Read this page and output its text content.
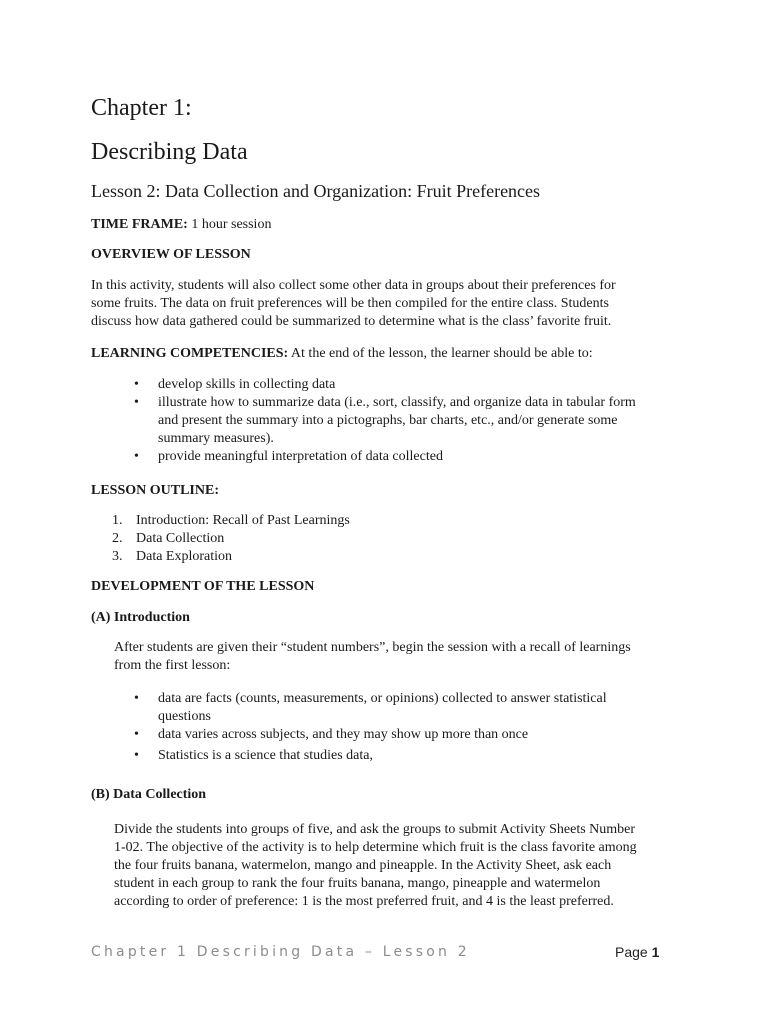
Chapter 1:
Describing Data
Lesson 2: Data Collection and Organization: Fruit Preferences
TIME FRAME: 1 hour session
OVERVIEW OF LESSON
In this activity, students will also collect some other data in groups about their preferences for
some fruits. The data on fruit preferences will be then compiled for the entire class. Students
discuss how data gathered could be summarized to determine what is the class’ favorite fruit.
LEARNING COMPETENCIES: At the end of the lesson, the learner should be able to:
• develop skills in collecting data
• illustrate how to summarize data (i.e., sort, classify, and organize data in tabular form
and present the summary into a pictographs, bar charts, etc., and/or generate some
summary measures).
• provide meaningful interpretation of data collected
LESSON OUTLINE:
1. Introduction: Recall of Past Learnings
2. Data Collection
3. Data Exploration
DEVELOPMENT OF THE LESSON
(A) Introduction
After students are given their “student numbers”, begin the session with a recall of learnings
from the first lesson:
• data are facts (counts, measurements, or opinions) collected to answer statistical
questions
• data varies across subjects, and they may show up more than once
• Statistics is a science that studies data,
(B) Data Collection
Divide the students into groups of five, and ask the groups to submit Activity Sheets Number
1-02. The objective of the activity is to help determine which fruit is the class favorite among
the four fruits banana, watermelon, mango and pineapple. In the Activity Sheet, ask each
student in each group to rank the four fruits banana, mango, pineapple and watermelon
according to order of preference: 1 is the most preferred fruit, and 4 is the least preferred.
Chapter 1 Describing Data – Lesson 2	Page 1
